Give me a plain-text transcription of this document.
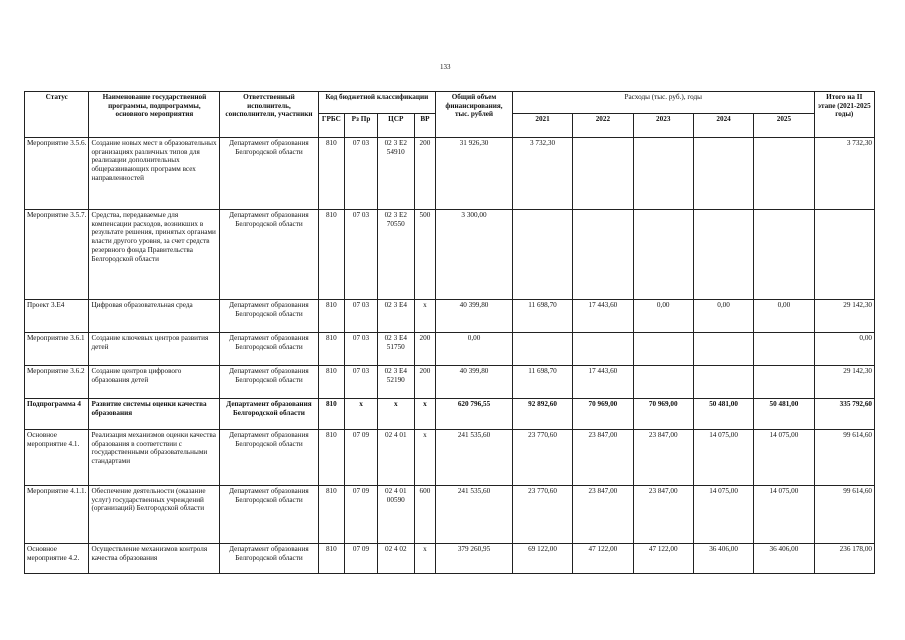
133
Статус	Наименование государственной программы, подпрограммы, основного мероприятия	Ответственный исполнитель, соисполнители, участники	Код бюджетной классификации				Общий объем финансирования, тыс. рублей	Расходы (тыс. руб.), годы					Итого на II этапе (2021-2025 годы)
			ГРБС	Рз Пр	ЦСР	ВР		2021	2022	2023	2024	2025	
Мероприятие 3.5.6.	Создание новых мест в образовательных организациях различных типов для реализации дополнительных общеразвивающих программ всех направленностей	Департамент образования Белгородской области	810	07 03	02 3 Е2 54910	200	31 926,30	3 732,30					3 732,30
Мероприятие 3.5.7.	Средства, передаваемые для компенсации расходов, возникших в результате решения, принятых органами власти другого уровня, за счет средств резервного фонда Правительства Белгородской области	Департамент образования Белгородской области	810	07 03	02 3 Е2 70550	500	3 300,00						
Проект 3.Е4	Цифровая образовательная среда	Департамент образования Белгородской области	810	07 03	02 3 Е4	х	40 399,80	11 698,70	17 443,60	0,00	0,00	0,00	29 142,30
Мероприятие 3.6.1	Создание ключевых центров развития детей	Департамент образования Белгородской области	810	07 03	02 3 Е4 51750	200	0,00						0,00
Мероприятие 3.6.2	Создание центров цифрового образования детей	Департамент образования Белгородской области	810	07 03	02 3 Е4 52190	200	40 399,80	11 698,70	17 443,60				29 142,30
Подпрограмма 4	Развитие системы оценки качества образования	Департамент образования Белгородской области	810	х	х	х	620 796,55	92 892,60	70 969,00	70 969,00	50 481,00	50 481,00	335 792,60
Основное мероприятие 4.1.	Реализация механизмов оценки качества образования в соответствии с государственными образовательными стандартами	Департамент образования Белгородской области	810	07 09	02 4 01	х	241 535,60	23 770,60	23 847,00	23 847,00	14 075,00	14 075,00	99 614,60
Мероприятие 4.1.1.	Обеспечение деятельности (оказание услуг) государственных учреждений (организаций) Белгородской области	Департамент образования Белгородской области	810	07 09	02 4 01 00590	600	241 535,60	23 770,60	23 847,00	23 847,00	14 075,00	14 075,00	99 614,60
Основное мероприятие 4.2.	Осуществление механизмов контроля качества образования	Департамент образования Белгородской области	810	07 09	02 4 02	х	379 260,95	69 122,00	47 122,00	47 122,00	36 406,00	36 406,00	236 178,00
